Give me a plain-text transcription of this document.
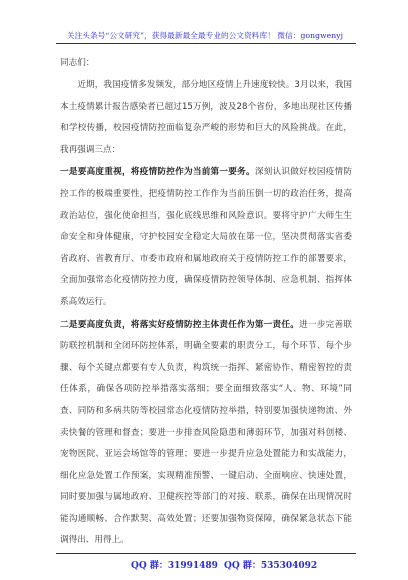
关注头条号“公文研究”，获得最新最全最专业的公文资料库！ 微信：gongwenyj

同志们：

　　近期，我国疫情多发频发，部分地区疫情上升速度较快。3月以来，我国本土疫情累计报告感染者已超过15万例，波及28个省份，多地出现社区传播和学校传播，校园疫情防控面临复杂严峻的形势和巨大的风险挑战。在此，我再强调三点：

一是要高度重视，将疫情防控作为当前第一要务。深刻认识做好校园疫情防控工作的极端重要性，把疫情防控工作作为当前压倒一切的政治任务，提高政治站位，强化使命担当，强化底线思维和风险意识。要将守护广大师生生命安全和身体健康，守护校园安全稳定大局放在第一位，坚决贯彻落实省委省政府、省教育厅、市委市政府和属地政府关于疫情防控工作的部署要求，全面加强常态化疫情防控力度，确保疫情防控领导体制、应急机制、指挥体系高效运行。

二是要高度负责，将落实好疫情防控主体责任作为第一责任。进一步完善联防联控机制和全闭环防控体系，明确全要素的职责分工，每个环节、每个步骤、每个关键点都要有专人负责，构筑统一指挥、紧密协作、精密智控的责任体系，确保各项防控举措落实落细；要全面细致落实“人、物、环境”同查、同防和多病共防等校园常态化疫情防控举措，特别要加强快递物流、外卖快餐的管理和督查；要进一步排查风险隐患和薄弱环节，加强对科创楼、宠物医院、亚运会场馆等的管理；要进一步提升应急处置能力和实战能力，细化应急处置工作预案，实现精准预警、一键启动、全面响应、快速处置，同时要加强与属地政府、卫健疾控等部门的对接、联系，确保在出现情况时能沟通顺畅、合作默契、高效处置；还要加强物资保障，确保紧急状态下能调得出、用得上。

QQ 群：31991489 QQ 群：535304092
